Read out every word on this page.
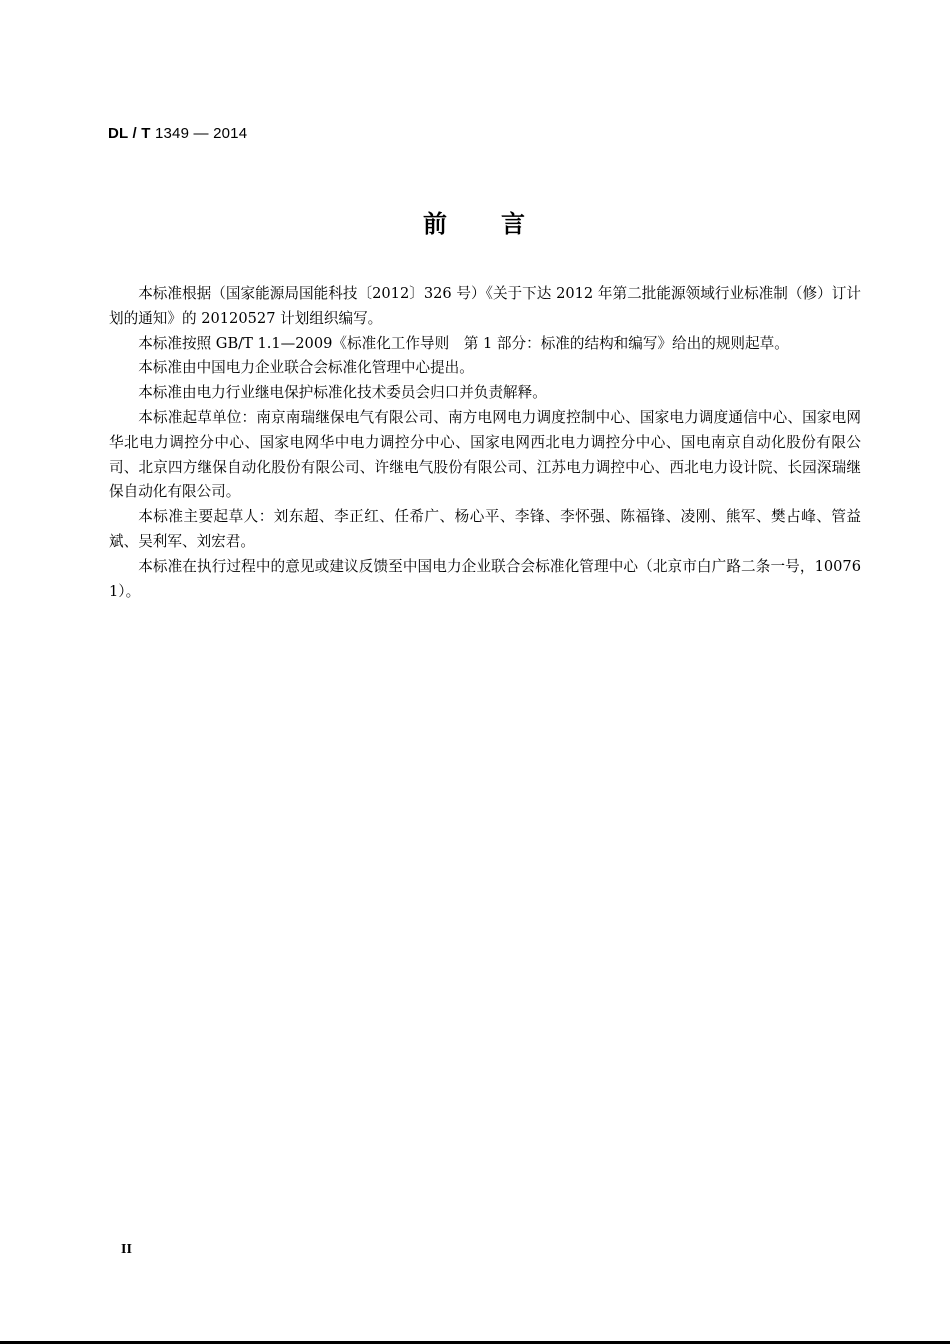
DL / T 1349 — 2014
前　　言

本标准根据（国家能源局国能科技〔2012〕326 号）《关于下达 2012 年第二批能源领域行业标准制（修）订计划的通知》的 20120527 计划组织编写。

本标准按照 GB/T 1.1—2009《标准化工作导则　第 1 部分：标准的结构和编写》给出的规则起草。

本标准由中国电力企业联合会标准化管理中心提出。

本标准由电力行业继电保护标准化技术委员会归口并负责解释。

本标准起草单位：南京南瑞继保电气有限公司、南方电网电力调度控制中心、国家电力调度通信中心、国家电网华北电力调控分中心、国家电网华中电力调控分中心、国家电网西北电力调控分中心、国电南京自动化股份有限公司、北京四方继保自动化股份有限公司、许继电气股份有限公司、江苏电力调控中心、西北电力设计院、长园深瑞继保自动化有限公司。

本标准主要起草人：刘东超、李正红、任希广、杨心平、李锋、李怀强、陈福锋、凌刚、熊军、樊占峰、管益斌、吴利军、刘宏君。

本标准在执行过程中的意见或建议反馈至中国电力企业联合会标准化管理中心（北京市白广路二条一号，100761）。

II
